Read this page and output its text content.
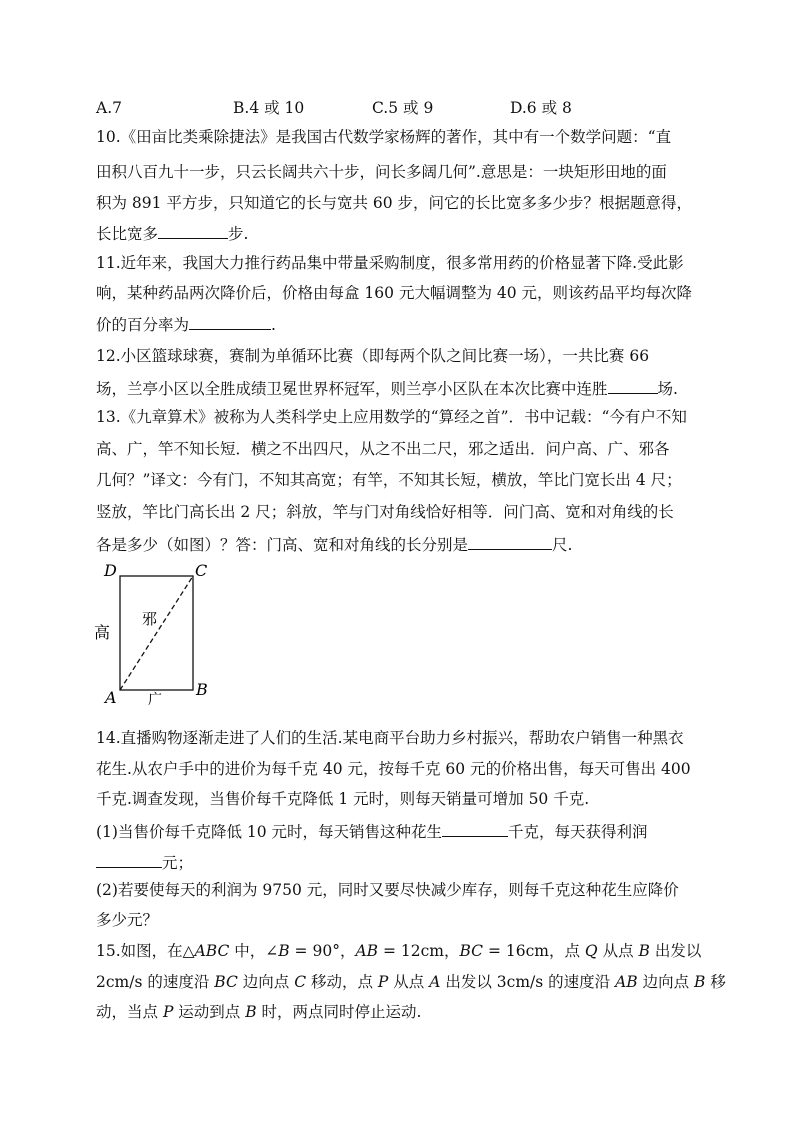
A.7	B.4 或 10	C.5 或 9	D.6 或 8
10.《田亩比类乘除捷法》是我国古代数学家杨辉的著作，其中有一个数学问题：“直
田积八百九十一步，只云长阔共六十步，问长多阔几何”.意思是：一块矩形田地的面
积为 891 平方步，只知道它的长与宽共 60 步，问它的长比宽多多少步？根据题意得，
长比宽多	步.
11.近年来，我国大力推行药品集中带量采购制度，很多常用药的价格显著下降.受此影
响，某种药品两次降价后，价格由每盒 160 元大幅调整为 40 元，则该药品平均每次降
价的百分率为	.
12.小区篮球球赛，赛制为单循环比赛（即每两个队之间比赛一场），一共比赛 66
场，兰亭小区以全胜成绩卫冕世界杯冠军，则兰亭小区队在本次比赛中连胜	场.
13.《九章算术》被称为人类科学史上应用数学的“算经之首”．书中记载：“今有户不知
高、广，竿不知长短．横之不出四尺，从之不出二尺，邪之适出．问户高、广、邪各
几何？”译文：今有门，不知其高宽；有竿，不知其长短，横放，竿比门宽长出 4 尺；
竖放，竿比门高长出 2 尺；斜放，竿与门对角线恰好相等．问门高、宽和对角线的长
各是多少（如图）？答：门高、宽和对角线的长分别是	尺.
D	C
A	B
高
广
邪
14.直播购物逐渐走进了人们的生活.某电商平台助力乡村振兴，帮助农户销售一种黑衣
花生.从农户手中的进价为每千克 40 元，按每千克 60 元的价格出售，每天可售出 400
千克.调查发现，当售价每千克降低 1 元时，则每天销量可增加 50 千克.
(1)当售价每千克降低 10 元时，每天销售这种花生	千克，每天获得利润
元；
(2)若要使每天的利润为 9750 元，同时又要尽快减少库存，则每千克这种花生应降价
多少元？
15.如图，在△ABC 中，∠B = 90°，AB = 12cm，BC = 16cm，点 Q 从点 B 出发以
2cm/s 的速度沿 BC 边向点 C 移动，点 P 从点 A 出发以 3cm/s 的速度沿 AB 边向点 B 移
动，当点 P 运动到点 B 时，两点同时停止运动.
